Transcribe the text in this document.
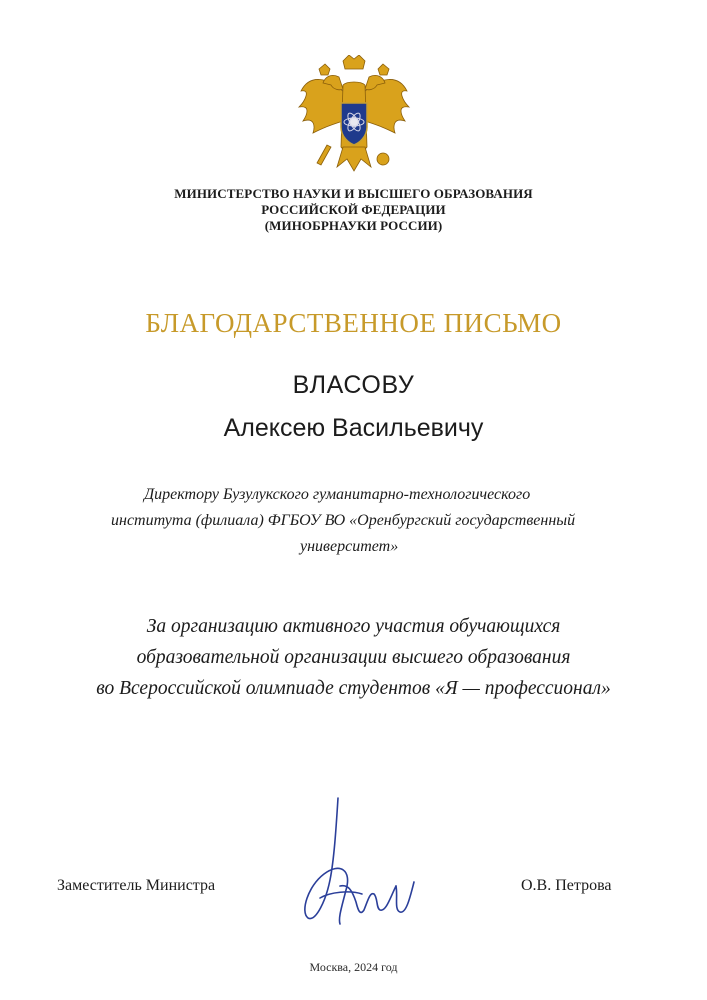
МИНИСТЕРСТВО НАУКИ И ВЫСШЕГО ОБРАЗОВАНИЯ
РОССИЙСКОЙ ФЕДЕРАЦИИ
(МИНОБРНАУКИ РОССИИ)
БЛАГОДАРСТВЕННОЕ ПИСЬМО
ВЛАСОВУ
Алексею Васильевичу
Директору Бузулукского гуманитарно-технологического
института (филиала) ФГБОУ ВО «Оренбургский государственный
университет»
За организацию активного участия обучающихся
образовательной организации высшего образования
во Всероссийской олимпиаде студентов «Я — профессионал»
Заместитель Министра	О.В. Петрова
Москва, 2024 год
